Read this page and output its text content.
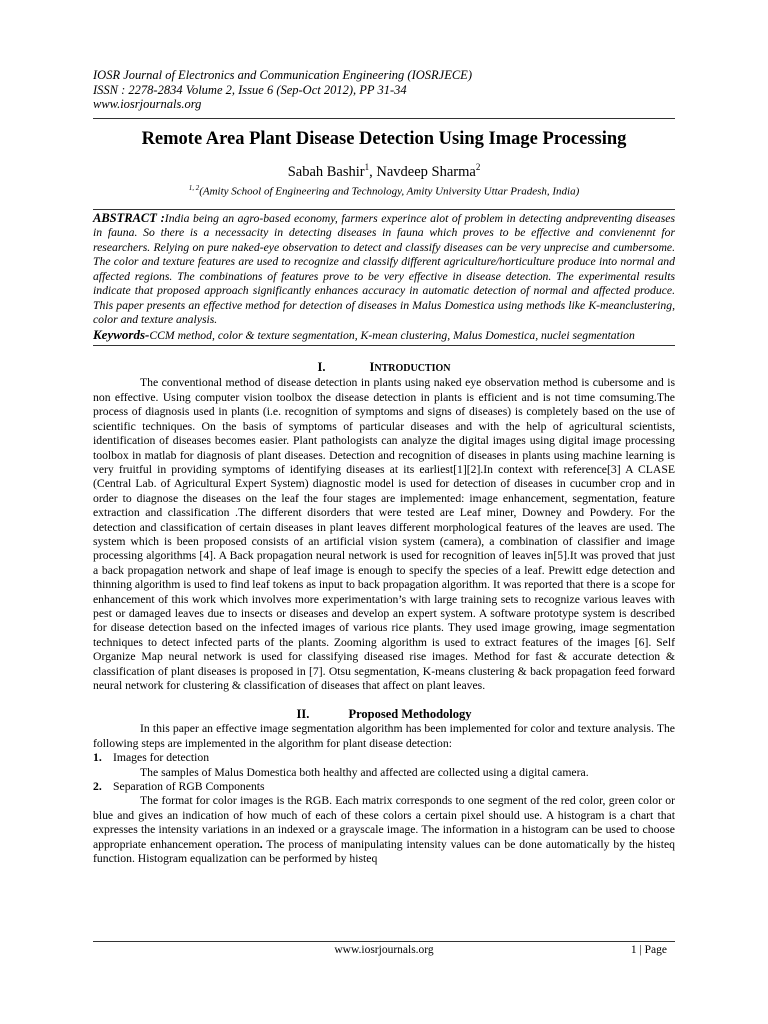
IOSR Journal of Electronics and Communication Engineering (IOSRJECE)
ISSN : 2278-2834 Volume 2, Issue 6 (Sep-Oct 2012), PP 31-34
www.iosrjournals.org
Remote Area Plant Disease Detection Using Image Processing
Sabah Bashir$^1$, Navdeep Sharma$^2$
$^{1, 2}$(Amity School of Engineering and Technology, Amity University Uttar Pradesh, India)
ABSTRACT :India being an agro-based economy, farmers experince alot of problem in detecting andpreventing diseases in fauna. So there is a necessacity in detecting diseases in fauna which proves to be effective and convienennt for researchers. Relying on pure naked-eye observation to detect and classify diseases can be very unprecise and cumbersome. The color and texture features are used to recognize and classify different agriculture/horticulture produce into normal and affected regions. The combinations of features prove to be very effective in disease detection. The experimental results indicate that proposed approach significantly enhances accuracy in automatic detection of normal and affected produce. This paper presents an effective method for detection of diseases in Malus Domestica using methods like K-meanclustering, color and texture analysis.
Keywords-CCM method, color & texture segmentation, K-mean clustering, Malus Domestica, nuclei segmentation
I.	INTRODUCTION

The conventional method of disease detection in plants using naked eye observation method is cubersome and is non effective. Using computer vision toolbox the disease detection in plants is efficient and is not time comsuming.The process of diagnosis used in plants (i.e. recognition of symptoms and signs of diseases) is completely based on the use of scientific techniques. On the basis of symptoms of particular diseases and with the help of agricultural scientists, identification of diseases becomes easier. Plant pathologists can analyze the digital images using digital image processing toolbox in matlab for diagnosis of plant diseases. Detection and recognition of diseases in plants using machine learning is very fruitful in providing symptoms of identifying diseases at its earliest[1][2].In context with reference[3] A CLASE (Central Lab. of Agricultural Expert System) diagnostic model is used for detection of diseases in cucumber crop and in order to diagnose the diseases on the leaf the four stages are implemented: image enhancement, segmentation, feature extraction and classification .The different disorders that were tested are Leaf miner, Downey and Powdery. For the detection and classification of certain diseases in plant leaves different morphological features of the leaves are used. The system which is been proposed consists of an artificial vision system (camera), a combination of classifier and image processing algorithms [4]. A Back propagation neural network is used for recognition of leaves in[5].It was proved that just a back propagation network and shape of leaf image is enough to specify the species of a leaf. Prewitt edge detection and thinning algorithm is used to find leaf tokens as input to back propagation algorithm. It was reported that there is a scope for enhancement of this work which involves more experimentation’s with large training sets to recognize various leaves with pest or damaged leaves due to insects or diseases and develop an expert system. A software prototype system is described for disease detection based on the infected images of various rice plants. They used image growing, image segmentation techniques to detect infected parts of the plants. Zooming algorithm is used to extract features of the images [6]. Self Organize Map neural network is used for classifying diseased rise images. Method for fast & accurate detection & classification of plant diseases is proposed in [7]. Otsu segmentation, K-means clustering & back propagation feed forward neural network for clustering & classification of diseases that affect on plant leaves.

II.	Proposed Methodology

In this paper an effective image segmentation algorithm has been implemented for color and texture analysis. The following steps are implemented in the algorithm for plant disease detection:

1. Images for detection

The samples of Malus Domestica both healthy and affected are collected using a digital camera.

2. Separation of RGB Components

The format for color images is the RGB. Each matrix corresponds to one segment of the red color, green color or blue and gives an indication of how much of each of these colors a certain pixel should use. A histogram is a chart that expresses the intensity variations in an indexed or a grayscale image. The information in a histogram can be used to choose appropriate enhancement operation. The process of manipulating intensity values can be done automatically by the histeq function. Histogram equalization can be performed by histeq

www.iosrjournals.org	1 | Page
